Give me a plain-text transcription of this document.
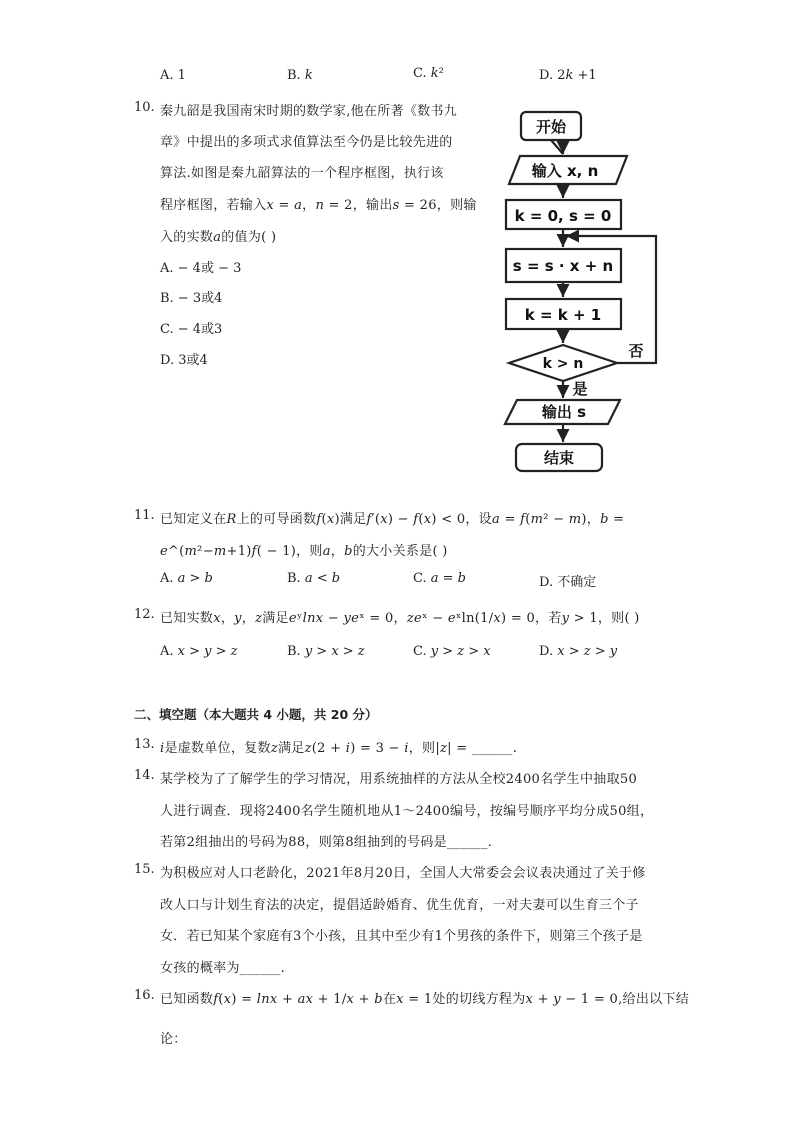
A. 1	B. 𝑘	C. 𝑘²	D. 2𝑘 +1
10. 秦九韶是我国南宋时期的数学家,他在所著《数书九
章》中提出的多项式求值算法至今仍是比较先进的
算法.如图是秦九韶算法的一个程序框图，执行该
程序框图，若输入𝑥 = 𝑎，𝑛 = 2，输出𝑠 = 26，则输
入的实数𝑎的值为( )
A. − 4或 − 3
B. − 3或4
C. − 4或3
D. 3或4
开始
输入 x, n
k = 0, s = 0
s = s · x + n
k = k + 1
k > n
输出 s
结束
否
是
11. 已知定义在𝑅上的可导函数𝑓(𝑥)满足𝑓′(𝑥) − 𝑓(𝑥) < 0，设𝑎 = 𝑓(𝑚² − 𝑚)，𝑏 =
𝑒^(𝑚²−𝑚+1)𝑓( − 1)，则𝑎，𝑏的大小关系是( )
A. 𝑎 > 𝑏	B. 𝑎 < 𝑏	C. 𝑎 = 𝑏	D. 不确定
12. 已知实数𝑥，𝑦，𝑧满足𝑒ʸ𝑙𝑛𝑥 − 𝑦𝑒ˣ = 0，𝑧𝑒ˣ − 𝑒ˣln(1/𝑥) = 0，若𝑦 > 1，则( )
A. 𝑥 > 𝑦 > 𝑧	B. 𝑦 > 𝑥 > 𝑧	C. 𝑦 > 𝑧 > 𝑥	D. 𝑥 > 𝑧 > 𝑦
二、填空题（本大题共 4 小题，共 20 分）
13. 𝑖是虚数单位，复数𝑧满足𝑧(2 + 𝑖) = 3 − 𝑖，则|𝑧| = ______.
14. 某学校为了了解学生的学习情况，用系统抽样的方法从全校2400名学生中抽取50
人进行调查．现将2400名学生随机地从1～2400编号，按编号顺序平均分成50组，
若第2组抽出的号码为88，则第8组抽到的号码是______.
15. 为积极应对人口老龄化，2021年8月20日，全国人大常委会会议表决通过了关于修
改人口与计划生育法的决定，提倡适龄婚育、优生优育，一对夫妻可以生育三个子
女．若已知某个家庭有3个小孩，且其中至少有1个男孩的条件下，则第三个孩子是
女孩的概率为______.
16. 已知函数𝑓(𝑥) = 𝑙𝑛𝑥 + 𝑎𝑥 + 1/𝑥 + 𝑏在𝑥 = 1处的切线方程为𝑥 + 𝑦 − 1 = 0,给出以下结
论：
